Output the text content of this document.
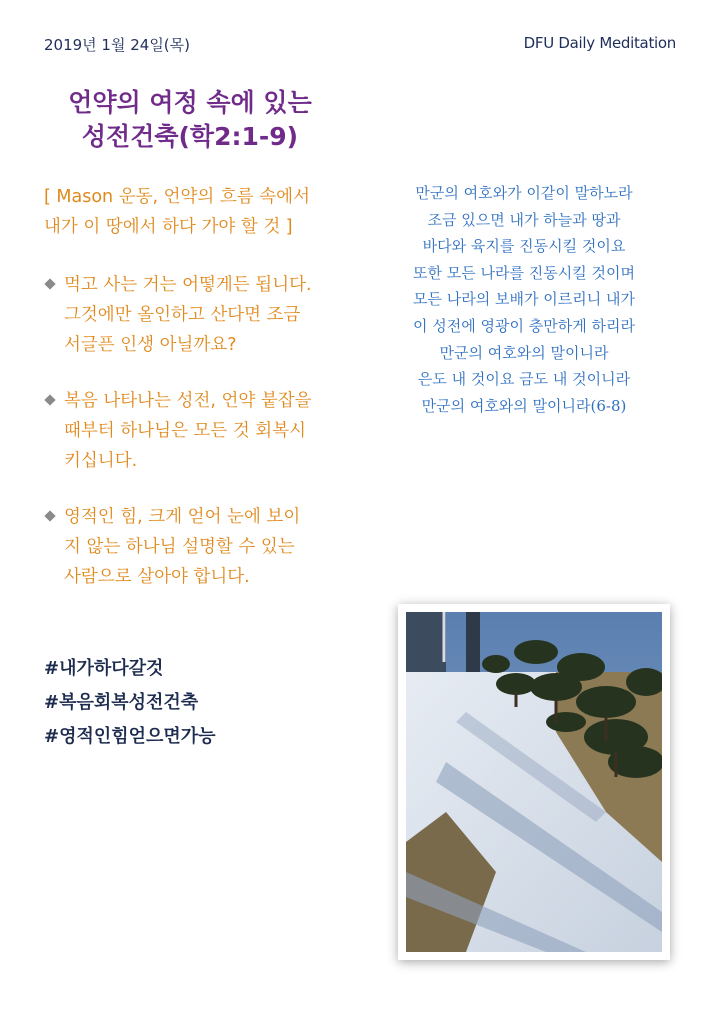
2019년 1월 24일(목)	DFU Daily Meditation
언약의 여정 속에 있는
성전건축(학2:1-9)
[ Mason 운동, 언약의 흐름 속에서
내가 이 땅에서 하다 가야 할 것 ]
먹고 사는 거는 어떻게든 됩니다.
그것에만 올인하고 산다면 조금
서글픈 인생 아닐까요?
복음 나타나는 성전, 언약 붙잡을
때부터 하나님은 모든 것 회복시
키십니다.
영적인 힘, 크게 얻어 눈에 보이
지 않는 하나님 설명할 수 있는
사람으로 살아야 합니다.
만군의 여호와가 이같이 말하노라
조금 있으면 내가 하늘과 땅과
바다와 육지를 진동시킬 것이요
또한 모든 나라를 진동시킬 것이며
모든 나라의 보배가 이르리니 내가
이 성전에 영광이 충만하게 하리라
만군의 여호와의 말이니라
은도 내 것이요 금도 내 것이니라
만군의 여호와의 말이니라(6-8)
#내가하다갈것
#복음회복성전건축
#영적인힘얻으면가능
